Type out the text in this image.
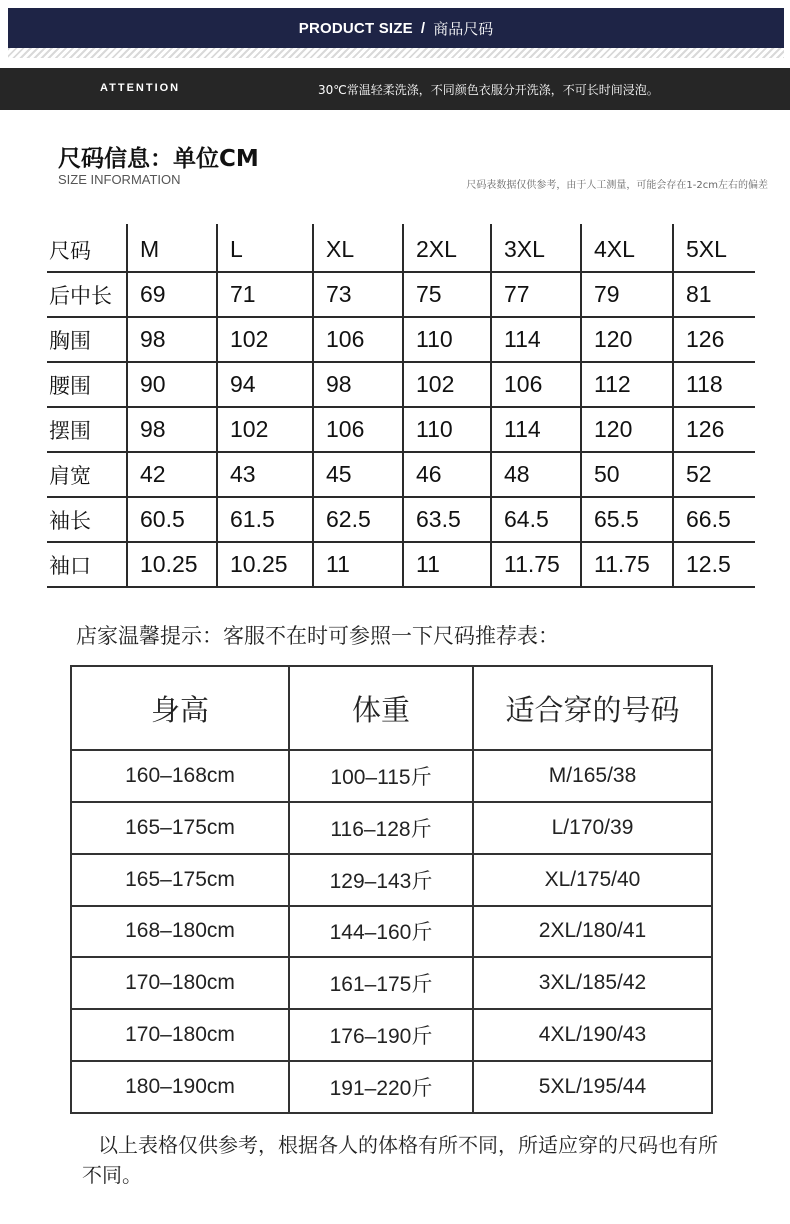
PRODUCT SIZE / 商品尺码
ATTENTION	30℃常温轻柔洗涤，不同颜色衣服分开洗涤，不可长时间浸泡。
尺码信息：单位CM
SIZE INFORMATION	尺码表数据仅供参考，由于人工测量，可能会存在1-2cm左右的偏差
尺码	M	L	XL	2XL	3XL	4XL	5XL
后中长	69	71	73	75	77	79	81
胸围	98	102	106	110	114	120	126
腰围	90	94	98	102	106	112	118
摆围	98	102	106	110	114	120	126
肩宽	42	43	45	46	48	50	52
袖长	60.5	61.5	62.5	63.5	64.5	65.5	66.5
袖口	10.25	10.25	11	11	11.75	11.75	12.5
店家温馨提示：客服不在时可参照一下尺码推荐表：
身高	体重	适合穿的号码
160–168cm	100–115斤	M/165/38
165–175cm	116–128斤	L/170/39
165–175cm	129–143斤	XL/175/40
168–180cm	144–160斤	2XL/180/41
170–180cm	161–175斤	3XL/185/42
170–180cm	176–190斤	4XL/190/43
180–190cm	191–220斤	5XL/195/44
以上表格仅供参考，根据各人的体格有所不同，所适应穿的尺码也有所不同。
